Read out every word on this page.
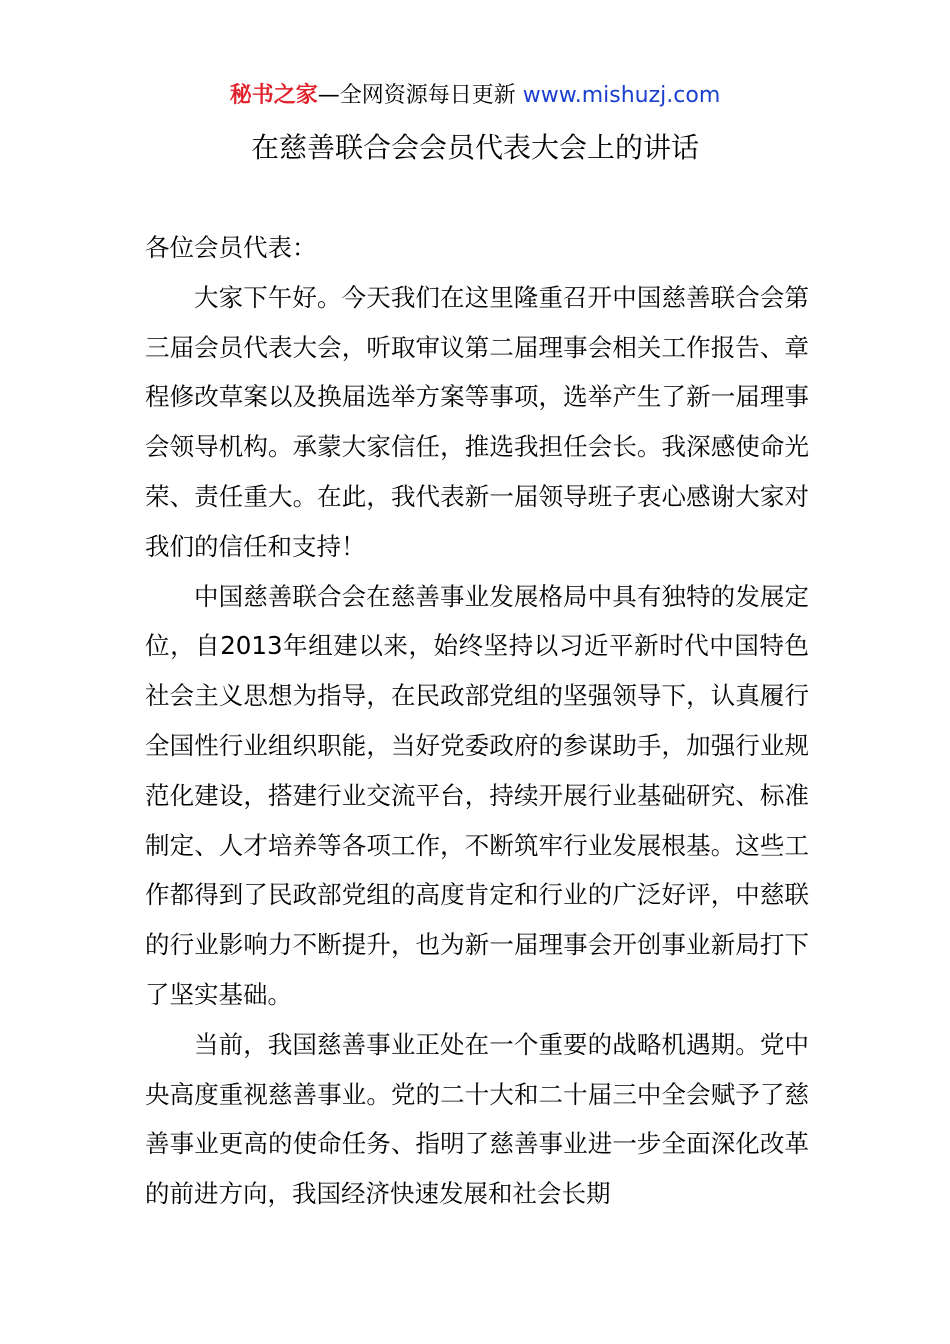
秘书之家—全网资源每日更新 www.mishuzj.com
在慈善联合会会员代表大会上的讲话

各位会员代表：

大家下午好。今天我们在这里隆重召开中国慈善联合会第三届会员代表大会，听取审议第二届理事会相关工作报告、章程修改草案以及换届选举方案等事项，选举产生了新一届理事会领导机构。承蒙大家信任，推选我担任会长。我深感使命光荣、责任重大。在此，我代表新一届领导班子衷心感谢大家对我们的信任和支持！

中国慈善联合会在慈善事业发展格局中具有独特的发展定位，自2013年组建以来，始终坚持以习近平新时代中国特色社会主义思想为指导，在民政部党组的坚强领导下，认真履行全国性行业组织职能，当好党委政府的参谋助手，加强行业规范化建设，搭建行业交流平台，持续开展行业基础研究、标准制定、人才培养等各项工作，不断筑牢行业发展根基。这些工作都得到了民政部党组的高度肯定和行业的广泛好评，中慈联的行业影响力不断提升，也为新一届理事会开创事业新局打下了坚实基础。

当前，我国慈善事业正处在一个重要的战略机遇期。党中央高度重视慈善事业。党的二十大和二十届三中全会赋予了慈善事业更高的使命任务、指明了慈善事业进一步全面深化改革的前进方向，我国经济快速发展和社会长期
